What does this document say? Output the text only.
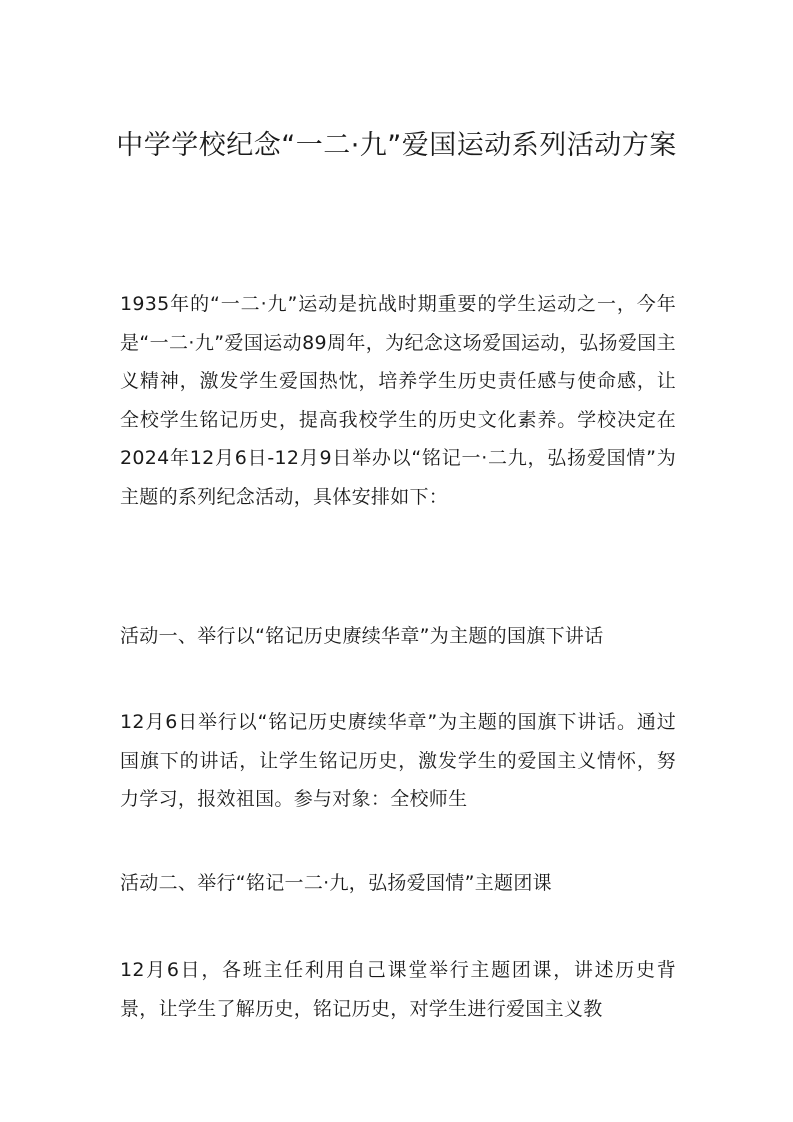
中学学校纪念“一二·九”爱国运动系列活动方案

1935年的“一二·九”运动是抗战时期重要的学生运动之一，今年是“一二·九”爱国运动89周年，为纪念这场爱国运动，弘扬爱国主义精神，激发学生爱国热忱，培养学生历史责任感与使命感，让全校学生铭记历史，提高我校学生的历史文化素养。学校决定在2024年12月6日-12月9日举办以“铭记一·二九，弘扬爱国情”为主题的系列纪念活动，具体安排如下：

活动一、举行以“铭记历史赓续华章”为主题的国旗下讲话

12月6日举行以“铭记历史赓续华章”为主题的国旗下讲话。通过国旗下的讲话，让学生铭记历史，激发学生的爱国主义情怀，努力学习，报效祖国。参与对象：全校师生

活动二、举行“铭记一二·九，弘扬爱国情”主题团课

12月6日，各班主任利用自己课堂举行主题团课，讲述历史背景，让学生了解历史，铭记历史，对学生进行爱国主义教
